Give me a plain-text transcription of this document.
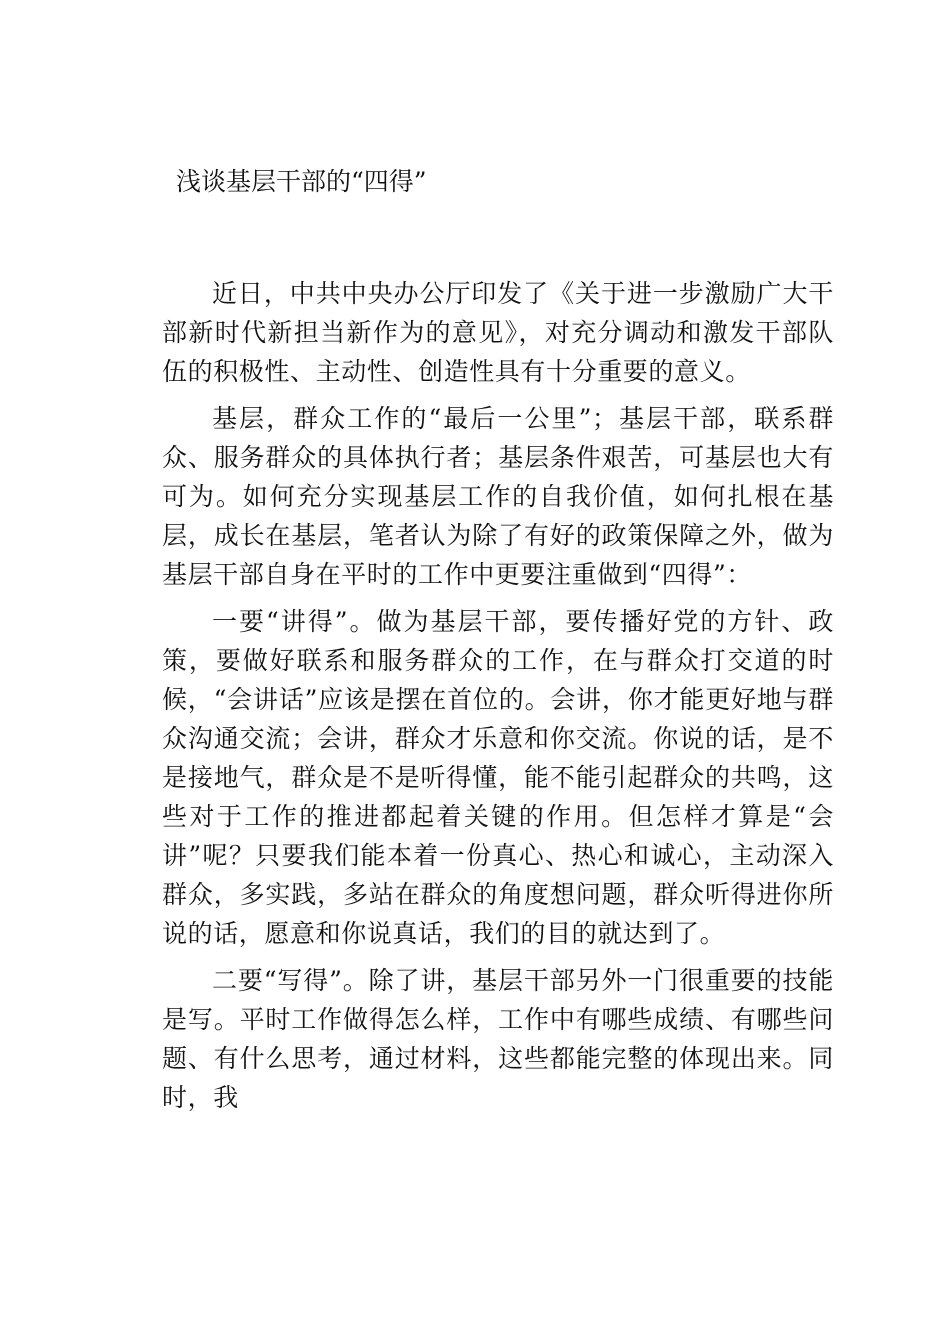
浅谈基层干部的“四得”

近日，中共中央办公厅印发了《关于进一步激励广大干部新时代新担当新作为的意见》，对充分调动和激发干部队伍的积极性、主动性、创造性具有十分重要的意义。

基层，群众工作的“最后一公里”；基层干部，联系群众、服务群众的具体执行者；基层条件艰苦，可基层也大有可为。如何充分实现基层工作的自我价值，如何扎根在基层，成长在基层，笔者认为除了有好的政策保障之外，做为基层干部自身在平时的工作中更要注重做到“四得”：

一要“讲得”。做为基层干部，要传播好党的方针、政策，要做好联系和服务群众的工作，在与群众打交道的时候，“会讲话”应该是摆在首位的。会讲，你才能更好地与群众沟通交流；会讲，群众才乐意和你交流。你说的话，是不是接地气，群众是不是听得懂，能不能引起群众的共鸣，这些对于工作的推进都起着关键的作用。但怎样才算是“会讲”呢？只要我们能本着一份真心、热心和诚心，主动深入群众，多实践，多站在群众的角度想问题，群众听得进你所说的话，愿意和你说真话，我们的目的就达到了。

二要“写得”。除了讲，基层干部另外一门很重要的技能是写。平时工作做得怎么样，工作中有哪些成绩、有哪些问题、有什么思考，通过材料，这些都能完整的体现出来。同时，我
